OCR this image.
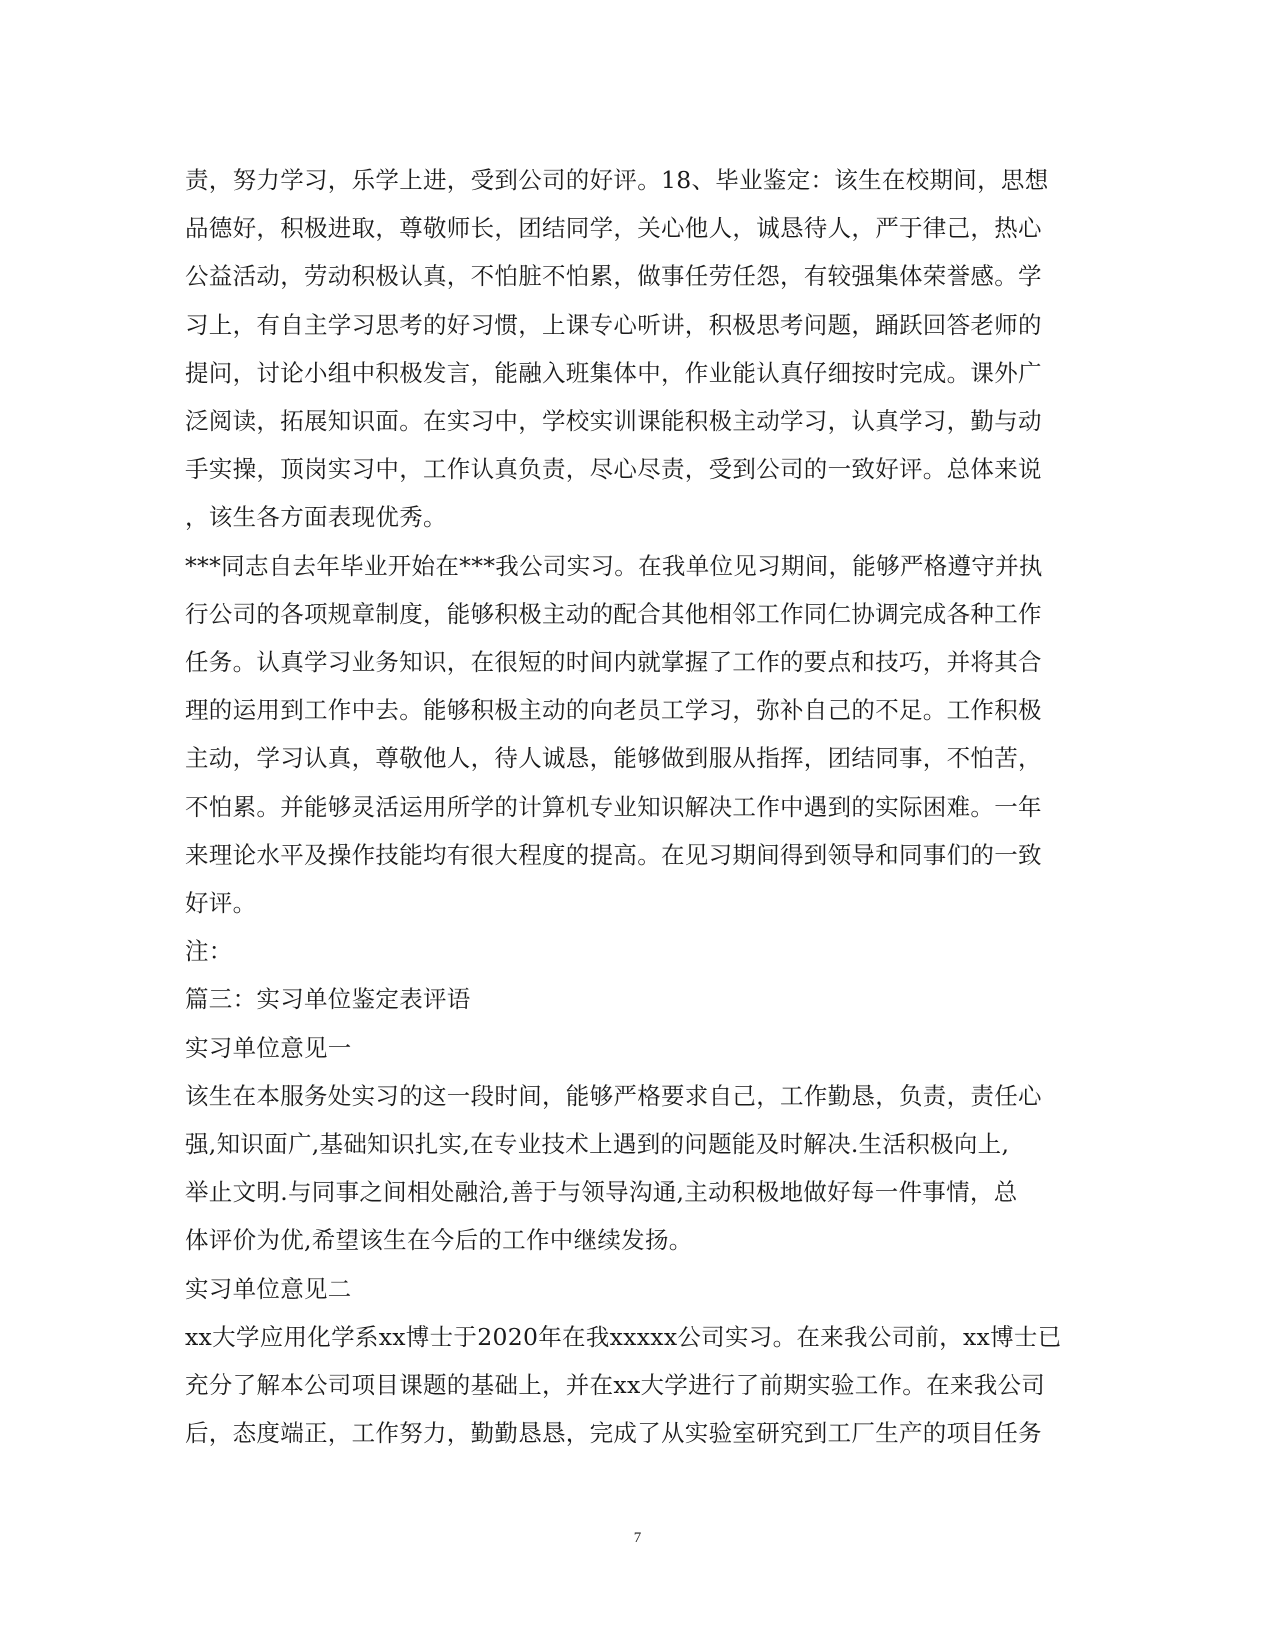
责，努力学习，乐学上进，受到公司的好评。18、毕业鉴定：该生在校期间，思想
品德好，积极进取，尊敬师长，团结同学，关心他人，诚恳待人，严于律己，热心
公益活动，劳动积极认真，不怕脏不怕累，做事任劳任怨，有较强集体荣誉感。学
习上，有自主学习思考的好习惯，上课专心听讲，积极思考问题，踊跃回答老师的
提问，讨论小组中积极发言，能融入班集体中，作业能认真仔细按时完成。课外广
泛阅读，拓展知识面。在实习中，学校实训课能积极主动学习，认真学习，勤与动
手实操，顶岗实习中，工作认真负责，尽心尽责，受到公司的一致好评。总体来说
，该生各方面表现优秀。

***同志自去年毕业开始在***我公司实习。在我单位见习期间，能够严格遵守并执
行公司的各项规章制度，能够积极主动的配合其他相邻工作同仁协调完成各种工作
任务。认真学习业务知识，在很短的时间内就掌握了工作的要点和技巧，并将其合
理的运用到工作中去。能够积极主动的向老员工学习，弥补自己的不足。工作积极
主动，学习认真，尊敬他人，待人诚恳，能够做到服从指挥，团结同事，不怕苦，
不怕累。并能够灵活运用所学的计算机专业知识解决工作中遇到的实际困难。一年
来理论水平及操作技能均有很大程度的提高。在见习期间得到领导和同事们的一致
好评。

注：

篇三：实习单位鉴定表评语

实习单位意见一

该生在本服务处实习的这一段时间，能够严格要求自己，工作勤恳，负责，责任心
强,知识面广,基础知识扎实,在专业技术上遇到的问题能及时解决.生活积极向上,
举止文明.与同事之间相处融洽,善于与领导沟通,主动积极地做好每一件事情，总
体评价为优,希望该生在今后的工作中继续发扬。

实习单位意见二

xx大学应用化学系xx博士于2020年在我xxxxx公司实习。在来我公司前，xx博士已
充分了解本公司项目课题的基础上，并在xx大学进行了前期实验工作。在来我公司
后，态度端正，工作努力，勤勤恳恳，完成了从实验室研究到工厂生产的项目任务

7
